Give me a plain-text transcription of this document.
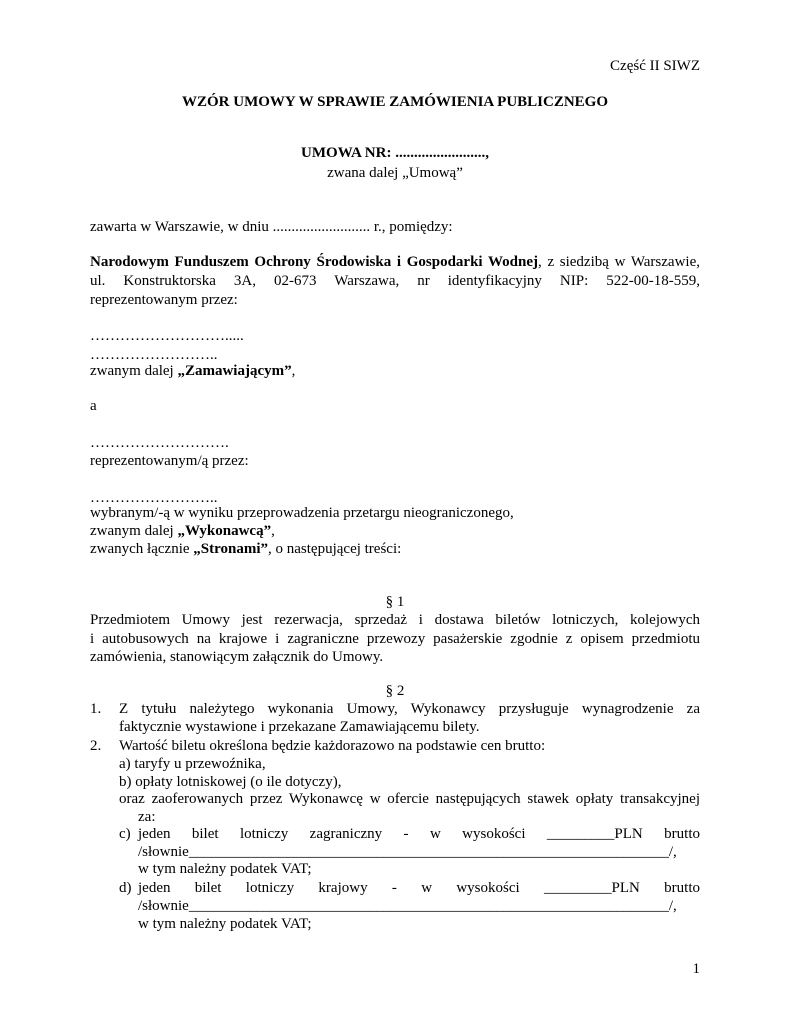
Część II SIWZ
WZÓR UMOWY W SPRAWIE ZAMÓWIENIA PUBLICZNEGO
UMOWA NR: ........................,
zwana dalej „Umową”
zawarta w Warszawie, w dniu .......................... r., pomiędzy:
Narodowym Funduszem Ochrony Środowiska i Gospodarki Wodnej, z siedzibą w Warszawie,
ul. Konstruktorska 3A, 02-673 Warszawa, nr identyfikacyjny NIP: 522-00-18-559,
reprezentowanym przez:
……………………….....
……………………..
zwanym dalej „Zamawiającym”,
a
……………………….
reprezentowanym/ą przez:
……………………..
wybranym/-ą w wyniku przeprowadzenia przetargu nieograniczonego,
zwanym dalej „Wykonawcą”,
zwanych łącznie „Stronami”, o następującej treści:
§ 1
Przedmiotem Umowy jest rezerwacja, sprzedaż i dostawa biletów lotniczych, kolejowych
i autobusowych na krajowe i zagraniczne przewozy pasażerskie zgodnie z opisem przedmiotu
zamówienia, stanowiącym załącznik do Umowy.
§ 2
1. Z tytułu należytego wykonania Umowy, Wykonawcy przysługuje wynagrodzenie za
faktycznie wystawione i przekazane Zamawiającemu bilety.
2. Wartość biletu określona będzie każdorazowo na podstawie cen brutto:
a) taryfy u przewoźnika,
b) opłaty lotniskowej (o ile dotyczy),
oraz zaoferowanych przez Wykonawcę w ofercie następujących stawek opłaty transakcyjnej
za:
c) jeden bilet lotniczy zagraniczny - w wysokości _________PLN brutto
/słownie________________________________________________________________/,
w tym należny podatek VAT;
d) jeden bilet lotniczy krajowy - w wysokości _________PLN brutto
/słownie________________________________________________________________/,
w tym należny podatek VAT;
1
